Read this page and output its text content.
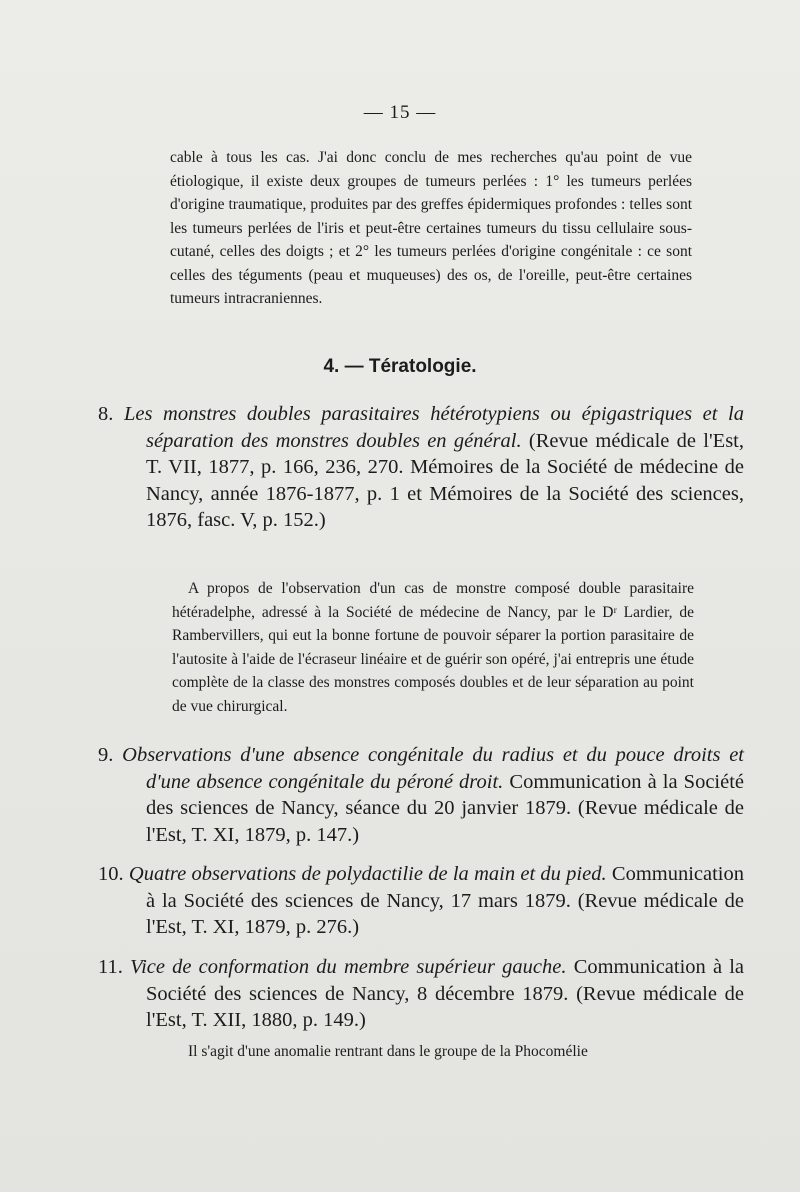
— 15 —
cable à tous les cas. J'ai donc conclu de mes recherches qu'au point de vue étiologique, il existe deux groupes de tumeurs perlées : 1° les tumeurs perlées d'origine traumatique, produites par des greffes épidermiques profondes : telles sont les tumeurs perlées de l'iris et peut-être certaines tumeurs du tissu cellulaire sous-cutané, celles des doigts ; et 2° les tumeurs perlées d'origine congénitale : ce sont celles des téguments (peau et muqueuses) des os, de l'oreille, peut-être certaines tumeurs intracraniennes.
4. — Tératologie.
8. Les monstres doubles parasitaires hétérotypiens ou épigastriques et la séparation des monstres doubles en général. (Revue médicale de l'Est, T. VII, 1877, p. 166, 236, 270. Mémoires de la Société de médecine de Nancy, année 1876-1877, p. 1 et Mémoires de la Société des sciences, 1876, fasc. V, p. 152.)
A propos de l'observation d'un cas de monstre composé double parasitaire hétéradelphe, adressé à la Société de médecine de Nancy, par le Dʳ Lardier, de Rambervillers, qui eut la bonne fortune de pouvoir séparer la portion parasitaire de l'autosite à l'aide de l'écraseur linéaire et de guérir son opéré, j'ai entrepris une étude complète de la classe des monstres composés doubles et de leur séparation au point de vue chirurgical.
9. Observations d'une absence congénitale du radius et du pouce droits et d'une absence congénitale du péroné droit. Communication à la Société des sciences de Nancy, séance du 20 janvier 1879. (Revue médicale de l'Est, T. XI, 1879, p. 147.)
10. Quatre observations de polydactilie de la main et du pied. Communication à la Société des sciences de Nancy, 17 mars 1879. (Revue médicale de l'Est, T. XI, 1879, p. 276.)
11. Vice de conformation du membre supérieur gauche. Communication à la Société des sciences de Nancy, 8 décembre 1879. (Revue médicale de l'Est, T. XII, 1880, p. 149.)
Il s'agit d'une anomalie rentrant dans le groupe de la Phocomélie
